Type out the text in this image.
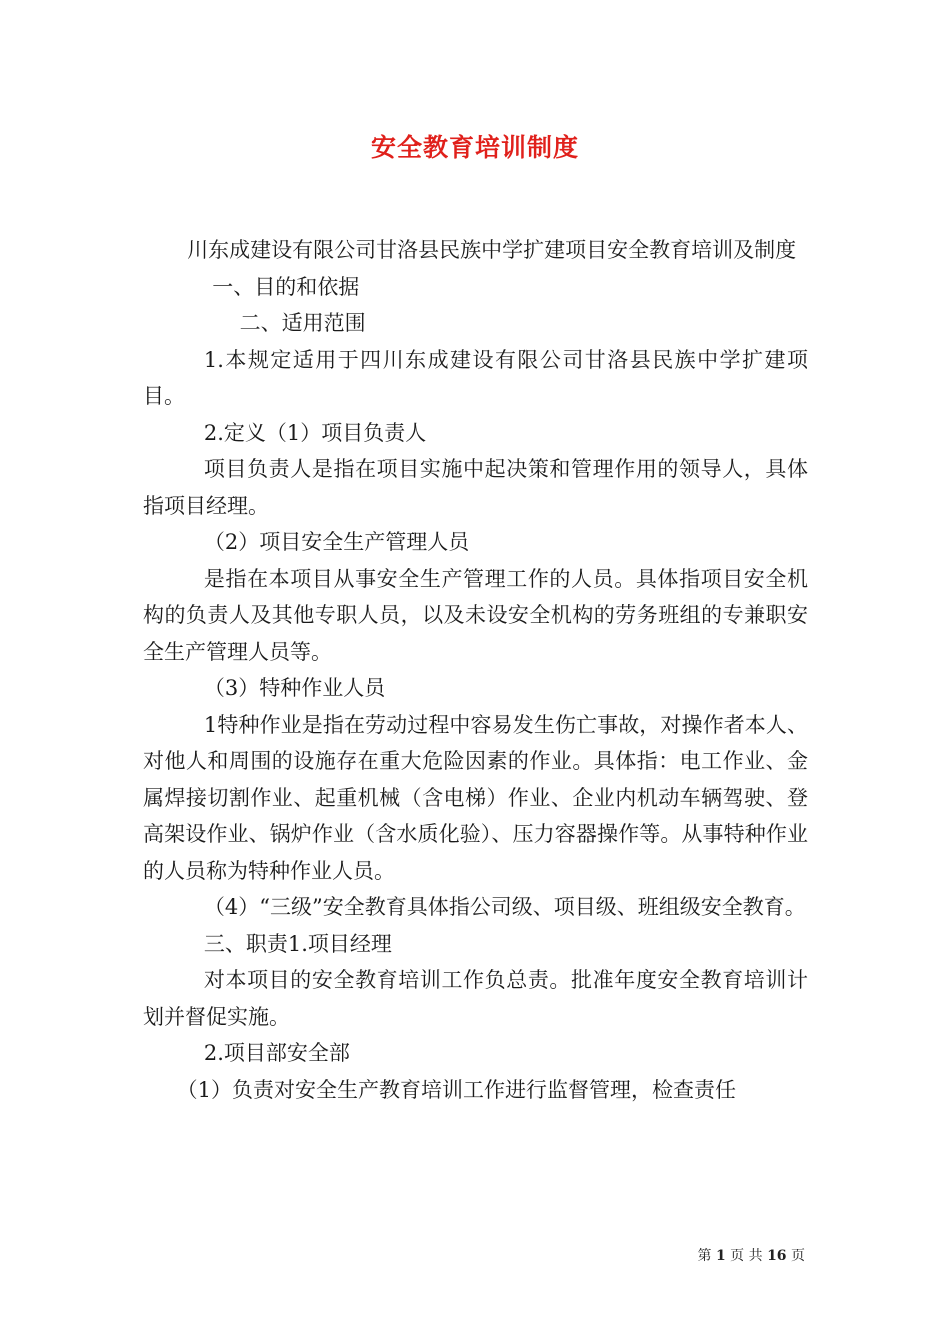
安全教育培训制度

川东成建设有限公司甘洛县民族中学扩建项目安全教育培训及制度

一、目的和依据

二、适用范围

1.本规定适用于四川东成建设有限公司甘洛县民族中学扩建项目。

2.定义（1）项目负责人

项目负责人是指在项目实施中起决策和管理作用的领导人，具体指项目经理。

（2）项目安全生产管理人员

是指在本项目从事安全生产管理工作的人员。具体指项目安全机构的负责人及其他专职人员，以及未设安全机构的劳务班组的专兼职安全生产管理人员等。

（3）特种作业人员

1特种作业是指在劳动过程中容易发生伤亡事故，对操作者本人、对他人和周围的设施存在重大危险因素的作业。具体指：电工作业、金属焊接切割作业、起重机械（含电梯）作业、企业内机动车辆驾驶、登高架设作业、锅炉作业（含水质化验）、压力容器操作等。从事特种作业的人员称为特种作业人员。

（4）“三级”安全教育具体指公司级、项目级、班组级安全教育。

三、职责1.项目经理

对本项目的安全教育培训工作负总责。批准年度安全教育培训计划并督促实施。

2.项目部安全部

（1）负责对安全生产教育培训工作进行监督管理，检查责任

第 1 页 共 16 页
